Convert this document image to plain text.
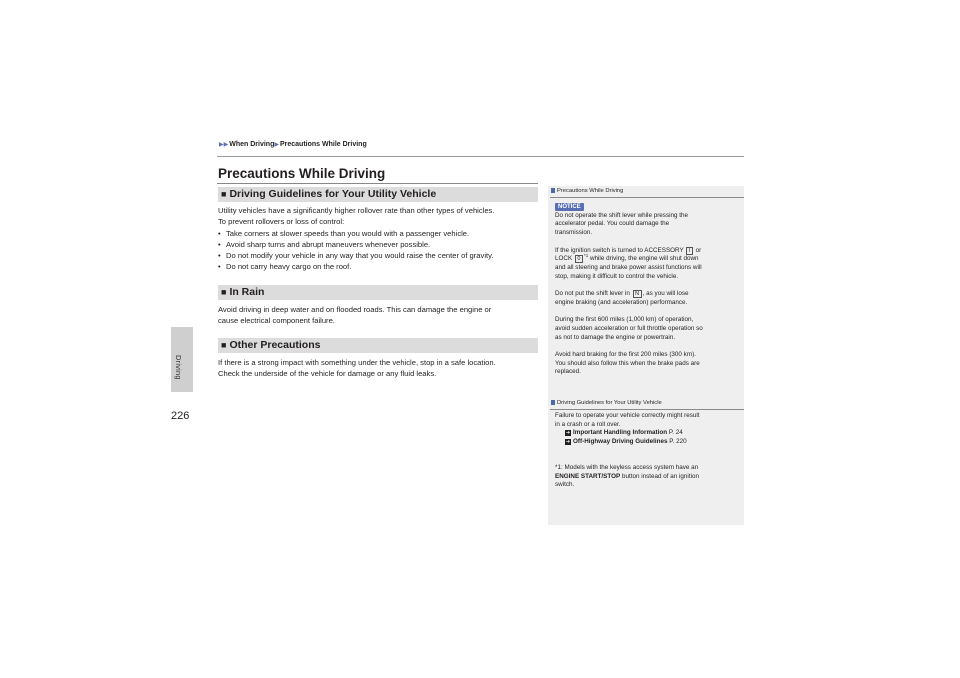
Driving
226
▶▶When Driving▶Precautions While Driving
Precautions While Driving
■ Driving Guidelines for Your Utility Vehicle

Utility vehicles have a significantly higher rollover rate than other types of vehicles.

To prevent rollovers or loss of control:

• Take corners at slower speeds than you would with a passenger vehicle.
• Avoid sharp turns and abrupt maneuvers whenever possible.
• Do not modify your vehicle in any way that you would raise the center of gravity.
• Do not carry heavy cargo on the roof.
■ In Rain

Avoid driving in deep water and on flooded roads. This can damage the engine or

cause electrical component failure.

■ Other Precautions

If there is a strong impact with something under the vehicle, stop in a safe location.

Check the underside of the vehicle for damage or any fluid leaks.

Precautions While Driving

NOTICE

Do not operate the shift lever while pressing the

accelerator pedal. You could damage the

transmission.

If the ignition switch is turned to ACCESSORY I or

LOCK 0$^{*1}$ while driving, the engine will shut down

and all steering and brake power assist functions will

stop, making it difficult to control the vehicle.

Do not put the shift lever in N , as you will lose

engine braking (and acceleration) performance.

During the first 600 miles (1,000 km) of operation,

avoid sudden acceleration or full throttle operation so

as not to damage the engine or powertrain.

Avoid hard braking for the first 200 miles (300 km).

You should also follow this when the brake pads are

replaced.

Driving Guidelines for Your Utility Vehicle

Failure to operate your vehicle correctly might result

in a crash or a roll over.

➜ Important Handling Information P. 24

➜ Off-Highway Driving Guidelines P. 220

*1: Models with the keyless access system have an

ENGINE START/STOP button instead of an ignition

switch.
